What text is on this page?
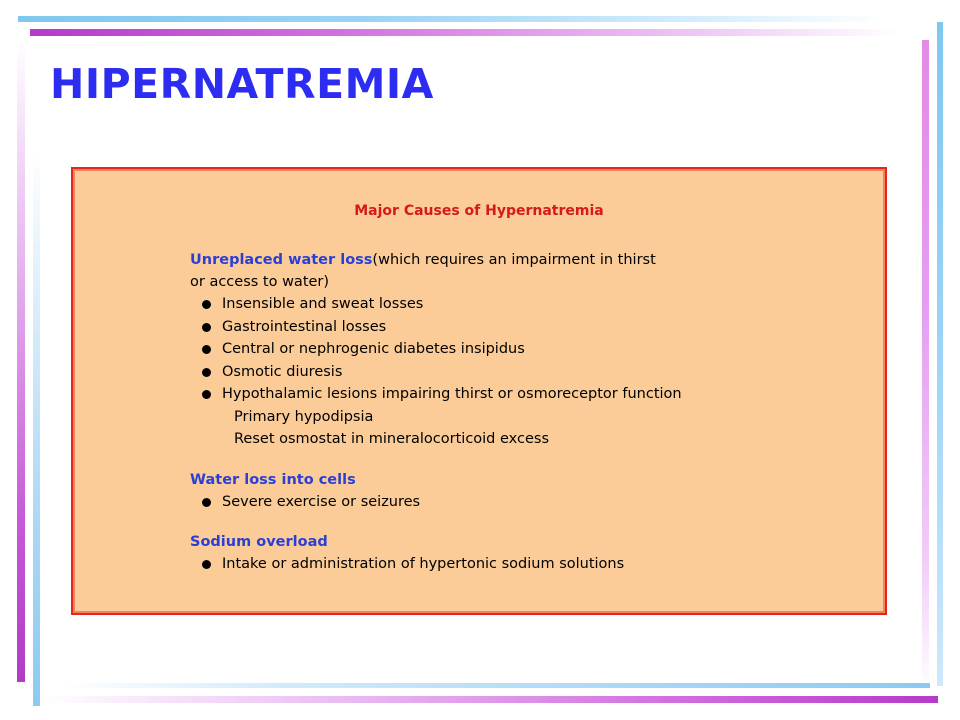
HIPERNATREMIA

Major Causes of Hypernatremia

Unreplaced water loss(which requires an impairment in thirst

or access to water)

Insensible and sweat losses
Gastrointestinal losses
Central or nephrogenic diabetes insipidus
Osmotic diuresis
Hypothalamic lesions impairing thirst or osmoreceptor function
Primary hypodipsia
Reset osmostat in mineralocorticoid excess

Water loss into cells

Severe exercise or seizures

Sodium overload

Intake or administration of hypertonic sodium solutions
